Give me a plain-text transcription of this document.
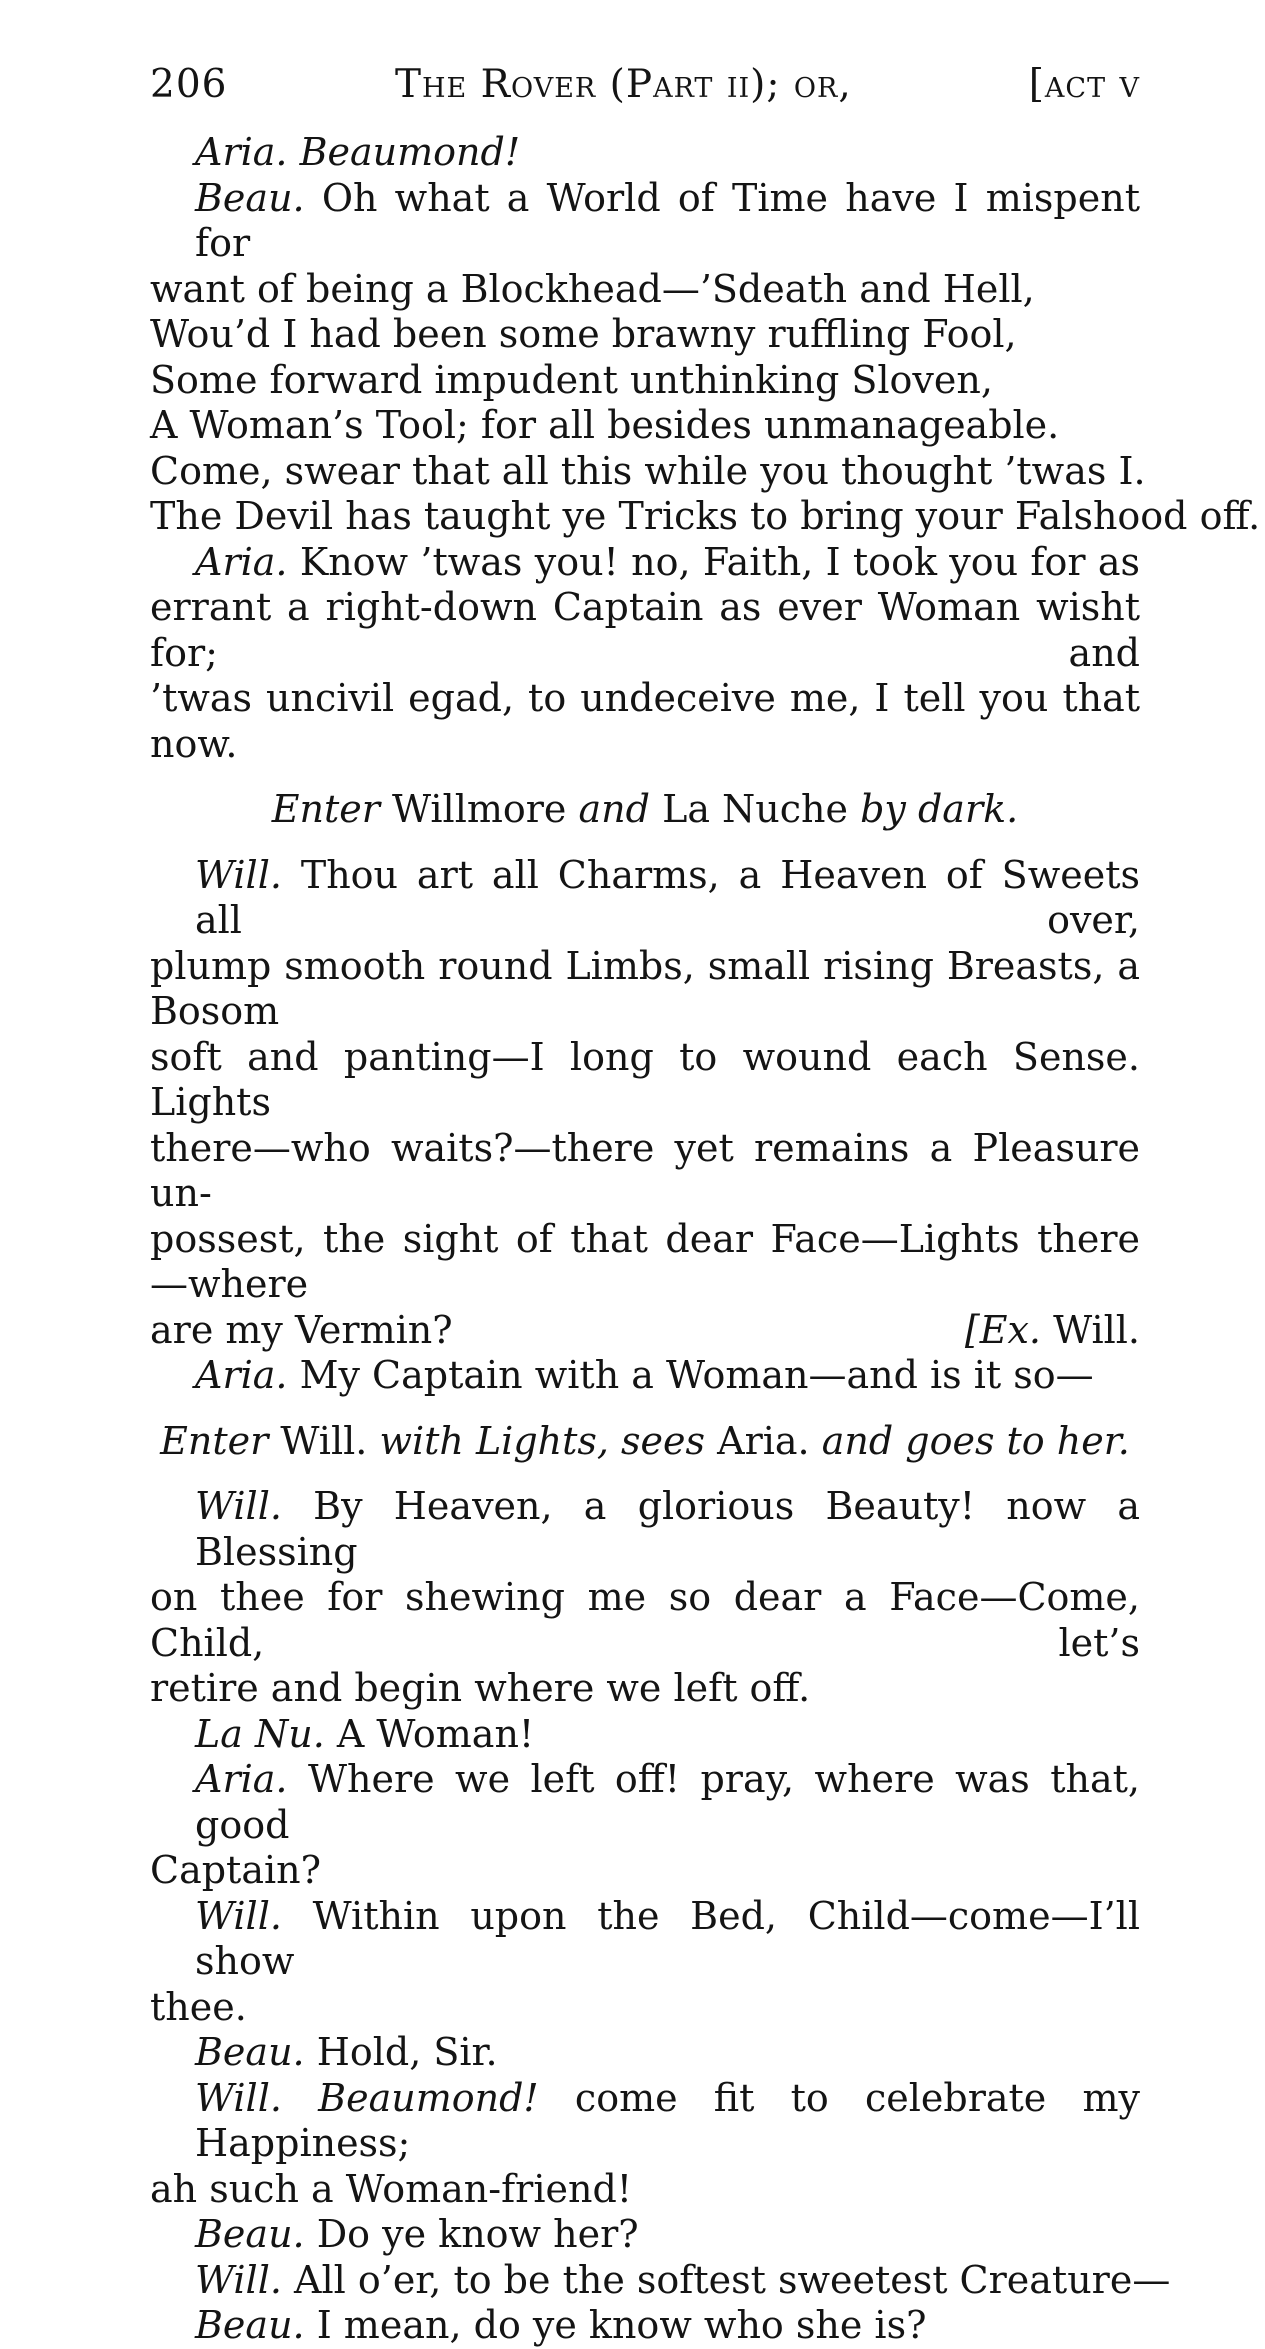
206	The Rover (Part ii); or,	[act v
Aria. Beaumond!
Beau. Oh what a World of Time have I mispent for
want of being a Blockhead—’Sdeath and Hell,
Wou’d I had been some brawny ruffling Fool,
Some forward impudent unthinking Sloven,
A Woman’s Tool; for all besides unmanageable.
Come, swear that all this while you thought ’twas I.
The Devil has taught ye Tricks to bring your Falshood off.
Aria. Know ’twas you! no, Faith, I took you for as
errant a right-down Captain as ever Woman wisht for; and
’twas uncivil egad, to undeceive me, I tell you that now.
Enter Willmore and La Nuche by dark.
Will. Thou art all Charms, a Heaven of Sweets all over,
plump smooth round Limbs, small rising Breasts, a Bosom
soft and panting—I long to wound each Sense. Lights
there—who waits?—there yet remains a Pleasure un-
possest, the sight of that dear Face—Lights there—where
are my Vermin?	[Ex. Will.
Aria. My Captain with a Woman—and is it so—
Enter Will. with Lights, sees Aria. and goes to her.
Will. By Heaven, a glorious Beauty! now a Blessing
on thee for shewing me so dear a Face—Come, Child, let’s
retire and begin where we left off.
La Nu. A Woman!
Aria. Where we left off! pray, where was that, good
Captain?
Will. Within upon the Bed, Child—come—I’ll show
thee.
Beau. Hold, Sir.
Will. Beaumond! come fit to celebrate my Happiness;
ah such a Woman-friend!
Beau. Do ye know her?
Will. All o’er, to be the softest sweetest Creature—
Beau. I mean, do ye know who she is?
